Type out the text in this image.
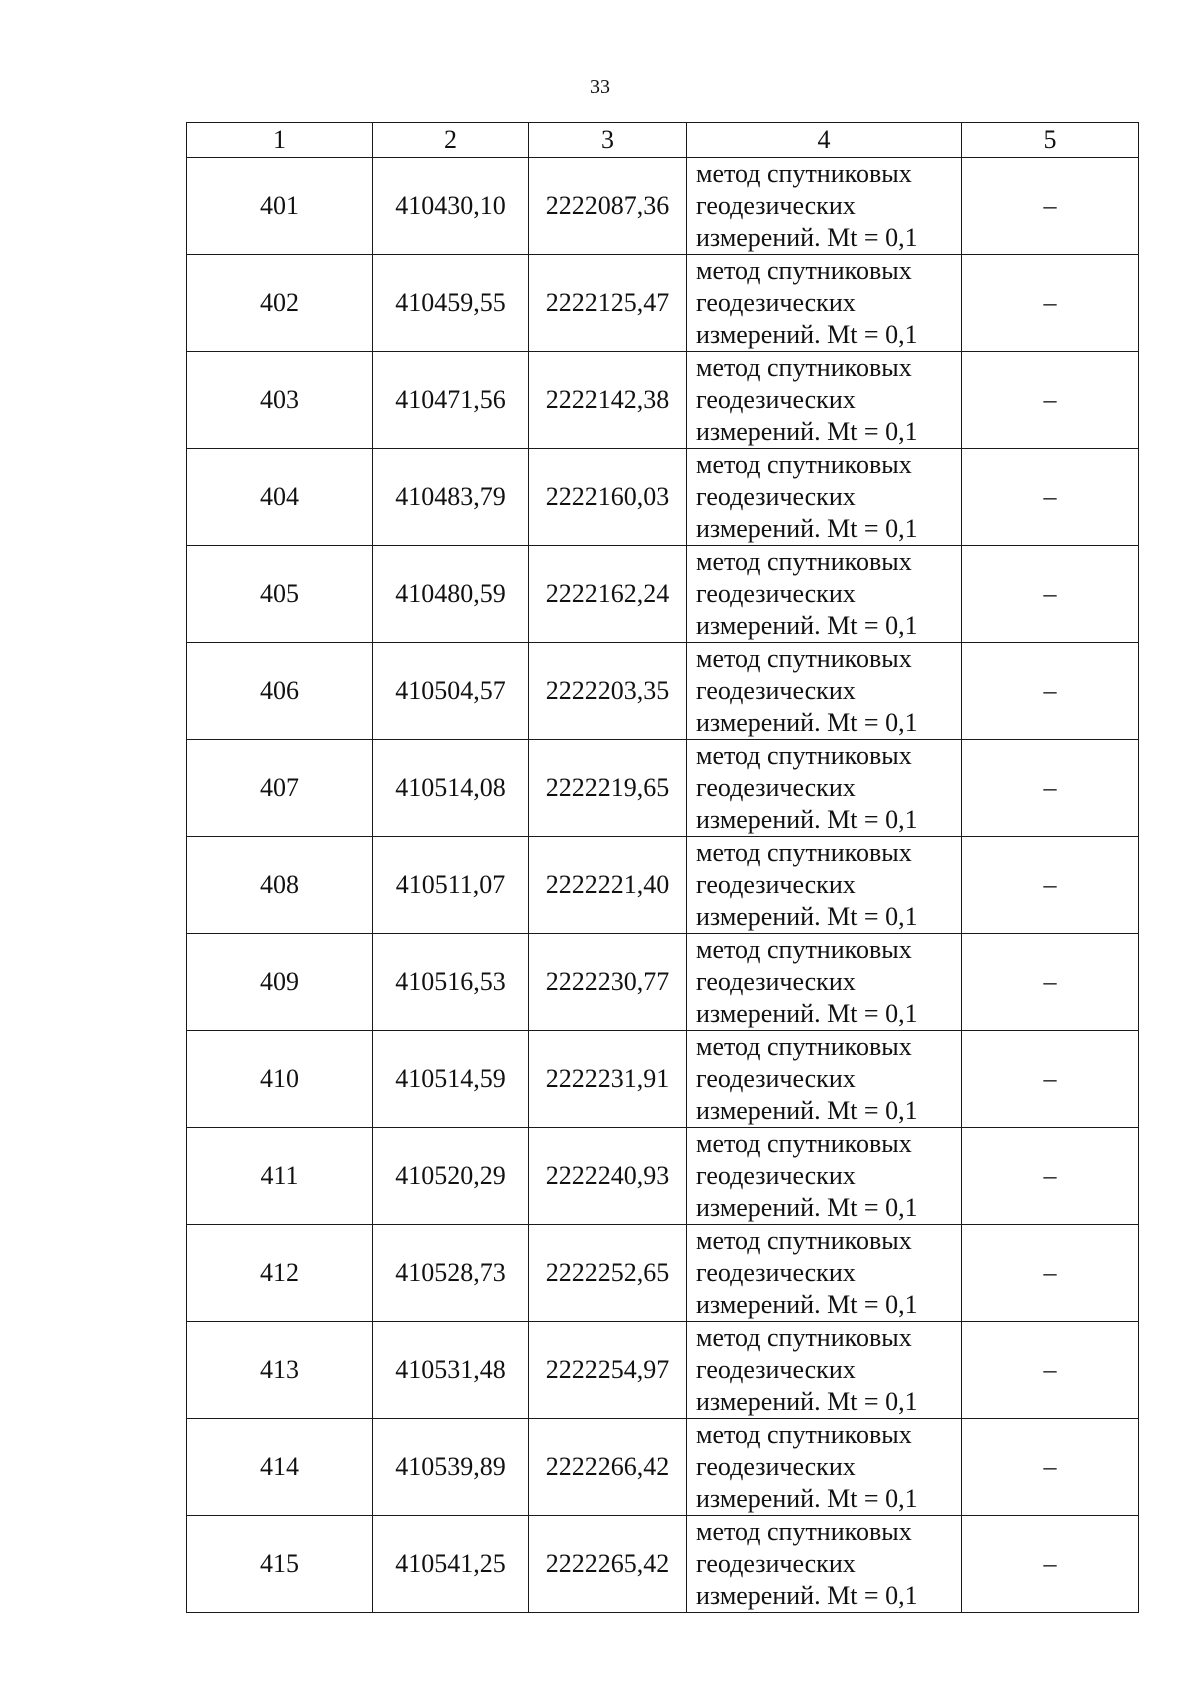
33
1	2	3	4	5
401	410430,10	2222087,36	метод спутниковых
геодезических
измерений. Mt = 0,1	–
402	410459,55	2222125,47	метод спутниковых
геодезических
измерений. Mt = 0,1	–
403	410471,56	2222142,38	метод спутниковых
геодезических
измерений. Mt = 0,1	–
404	410483,79	2222160,03	метод спутниковых
геодезических
измерений. Mt = 0,1	–
405	410480,59	2222162,24	метод спутниковых
геодезических
измерений. Mt = 0,1	–
406	410504,57	2222203,35	метод спутниковых
геодезических
измерений. Mt = 0,1	–
407	410514,08	2222219,65	метод спутниковых
геодезических
измерений. Mt = 0,1	–
408	410511,07	2222221,40	метод спутниковых
геодезических
измерений. Mt = 0,1	–
409	410516,53	2222230,77	метод спутниковых
геодезических
измерений. Mt = 0,1	–
410	410514,59	2222231,91	метод спутниковых
геодезических
измерений. Mt = 0,1	–
411	410520,29	2222240,93	метод спутниковых
геодезических
измерений. Mt = 0,1	–
412	410528,73	2222252,65	метод спутниковых
геодезических
измерений. Mt = 0,1	–
413	410531,48	2222254,97	метод спутниковых
геодезических
измерений. Mt = 0,1	–
414	410539,89	2222266,42	метод спутниковых
геодезических
измерений. Mt = 0,1	–
415	410541,25	2222265,42	метод спутниковых
геодезических
измерений. Mt = 0,1	–
